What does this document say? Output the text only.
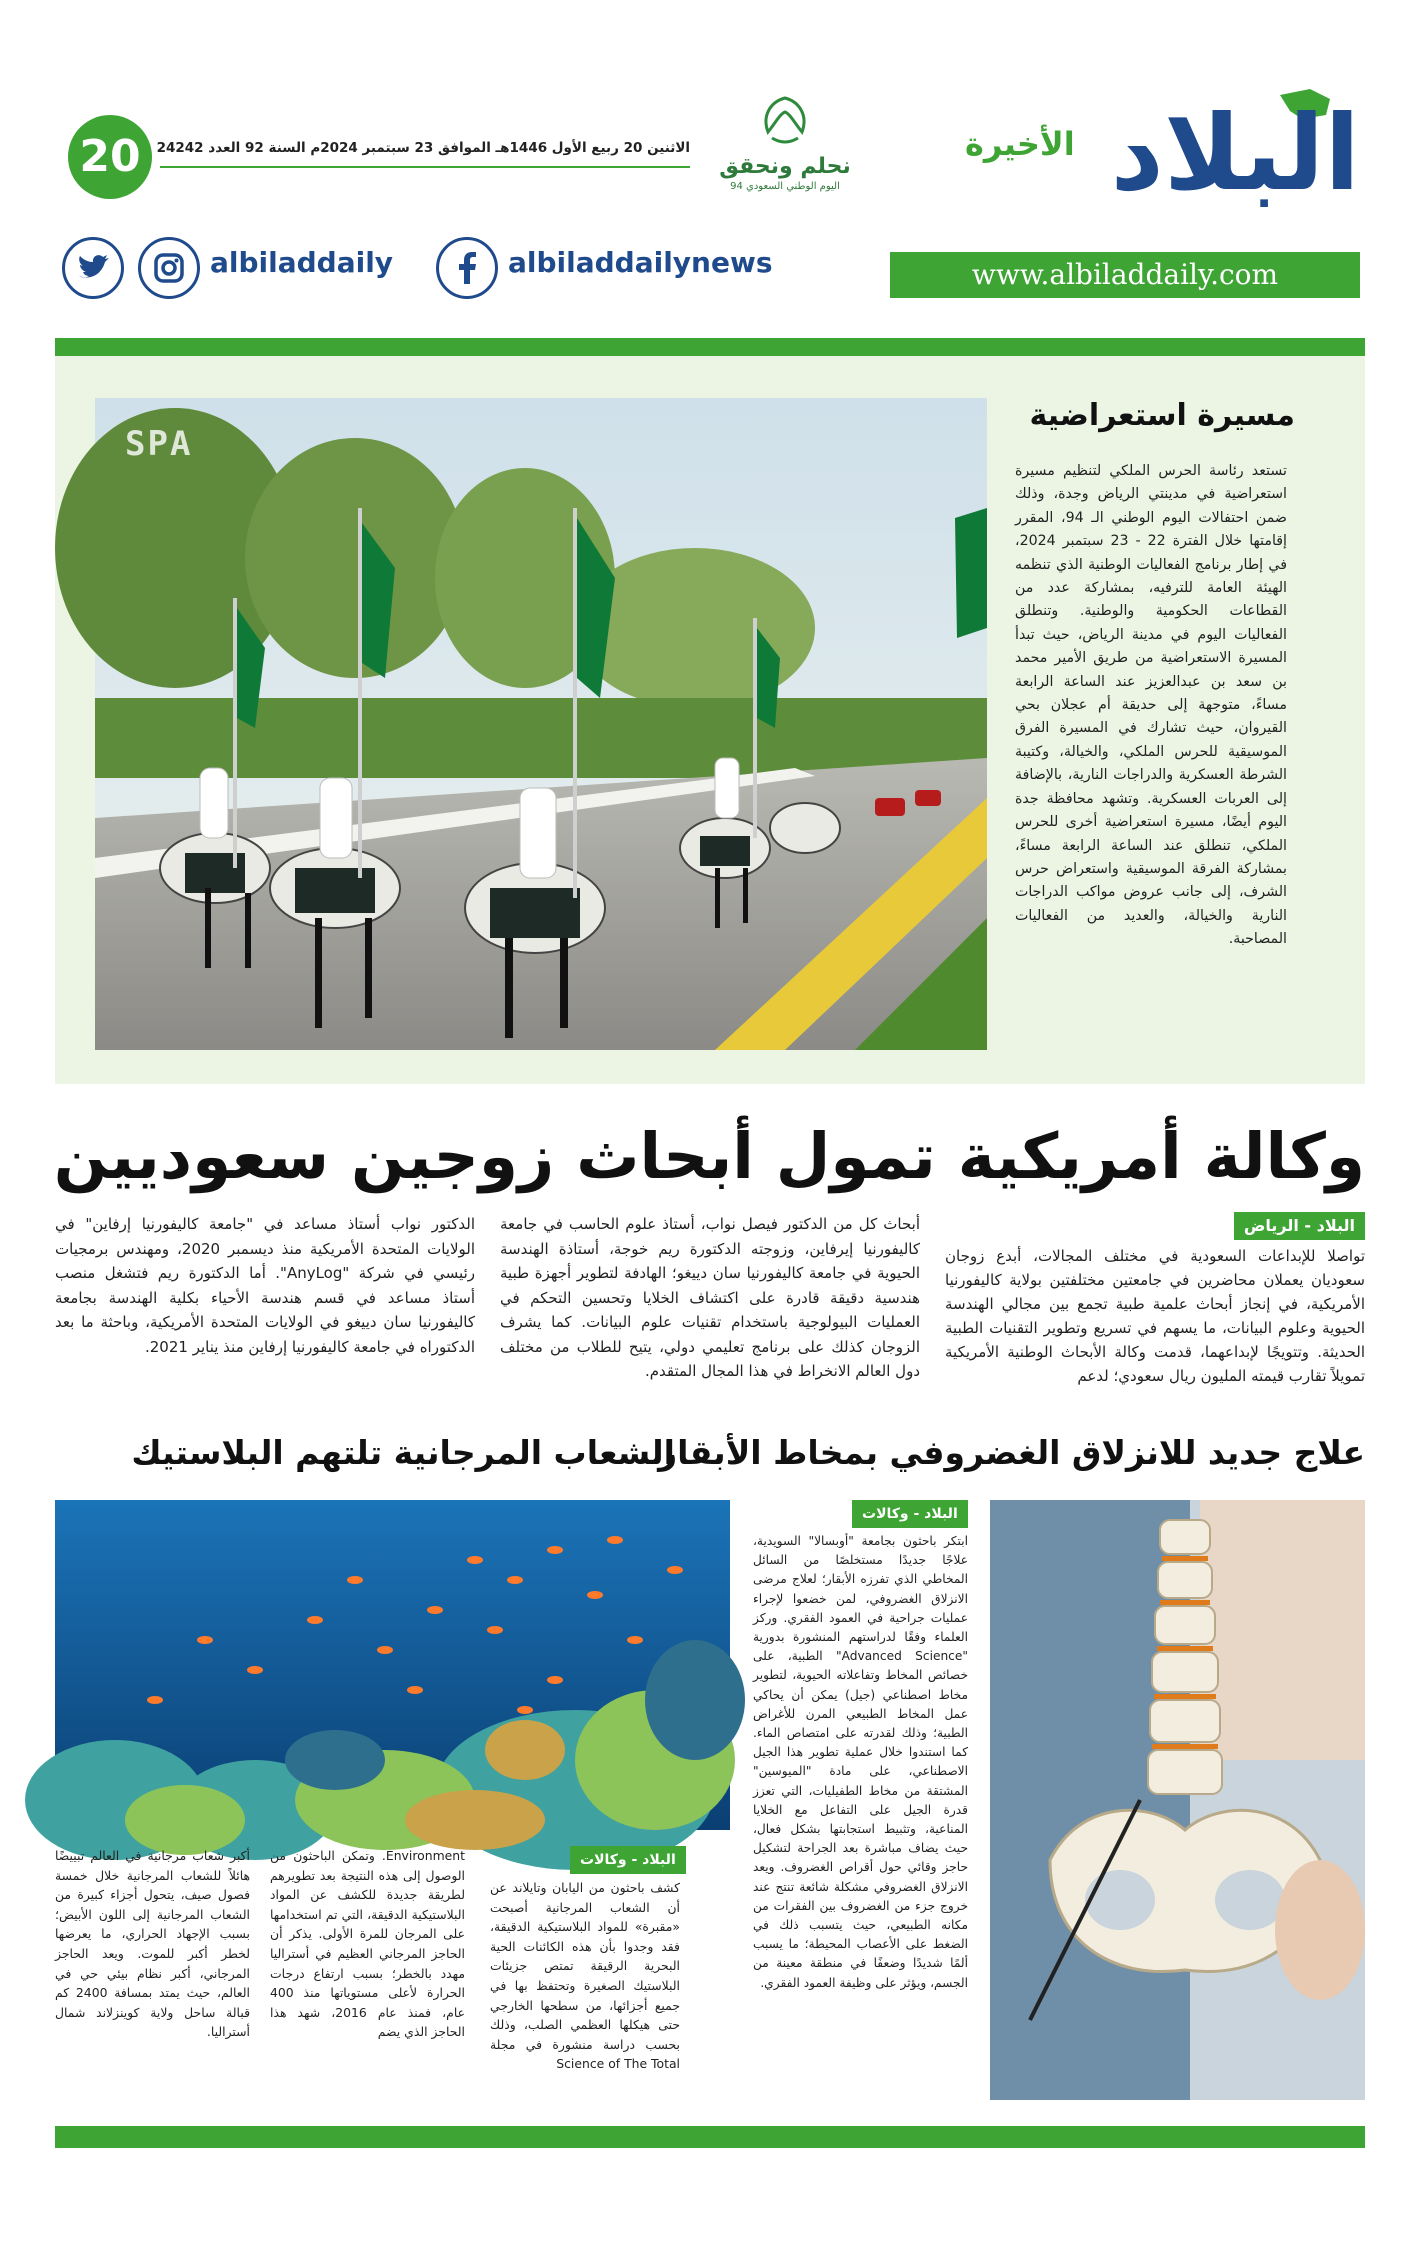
البلاد
الأخيرة
نحلم ونحقق
اليوم الوطني السعودي 94
20	الاثنين 20 ربيع الأول 1446هـ الموافق 23 سبتمبر 2024م السنة 92 العدد 24242
www.albiladdaily.com
albiladdaily	albiladdailynews
SPA
مسيرة استعراضية
تستعد رئاسة الحرس الملكي لتنظيم مسيرة استعراضية في مدينتي الرياض وجدة، وذلك ضمن احتفالات اليوم الوطني الـ 94، المقرر إقامتها خلال الفترة 22 - 23 سبتمبر 2024، في إطار برنامج الفعاليات الوطنية الذي تنظمه الهيئة العامة للترفيه، بمشاركة عدد من القطاعات الحكومية والوطنية. وتنطلق الفعاليات اليوم في مدينة الرياض، حيث تبدأ المسيرة الاستعراضية من طريق الأمير محمد بن سعد بن عبدالعزيز عند الساعة الرابعة مساءً، متوجهة إلى حديقة أم عجلان بحي القيروان، حيث تشارك في المسيرة الفرق الموسيقية للحرس الملكي، والخيالة، وكتيبة الشرطة العسكرية والدراجات النارية، بالإضافة إلى العربات العسكرية. وتشهد محافظة جدة اليوم أيضًا، مسيرة استعراضية أخرى للحرس الملكي، تنطلق عند الساعة الرابعة مساءً، بمشاركة الفرقة الموسيقية واستعراض حرس الشرف، إلى جانب عروض مواكب الدراجات النارية والخيالة، والعديد من الفعاليات المصاحبة.
وكالة أمريكية تمول أبحاث زوجين سعوديين
البلاد - الرياض
تواصلا للإبداعات السعودية في مختلف المجالات، أبدع زوجان سعوديان يعملان محاضرين في جامعتين مختلفتين بولاية كاليفورنيا الأمريكية، في إنجاز أبحاث علمية طبية تجمع بين مجالي الهندسة الحيوية وعلوم البيانات، ما يسهم في تسريع وتطوير التقنيات الطبية الحديثة. وتتويجًا لإبداعهما، قدمت وكالة الأبحاث الوطنية الأمريكية تمويلاً تقارب قيمته المليون ريال سعودي؛ لدعم
أبحاث كل من الدكتور فيصل نواب، أستاذ علوم الحاسب في جامعة كاليفورنيا إيرفاين، وزوجته الدكتورة ريم خوجة، أستاذة الهندسة الحيوية في جامعة كاليفورنيا سان دييغو؛ الهادفة لتطوير أجهزة طبية هندسية دقيقة قادرة على اكتشاف الخلايا وتحسين التحكم في العمليات البيولوجية باستخدام تقنيات علوم البيانات. كما يشرف الزوجان كذلك على برنامج تعليمي دولي، يتيح للطلاب من مختلف دول العالم الانخراط في هذا المجال المتقدم.
الدكتور نواب أستاذ مساعد في "جامعة كاليفورنيا إرفاين" في الولايات المتحدة الأمريكية منذ ديسمبر 2020، ومهندس برمجيات رئيسي في شركة "AnyLog". أما الدكتورة ريم فتشغل منصب أستاذ مساعد في قسم هندسة الأحياء بكلية الهندسة بجامعة كاليفورنيا سان دييغو في الولايات المتحدة الأمريكية، وباحثة ما بعد الدكتوراه في جامعة كاليفورنيا إرفاين منذ يناير 2021.
علاج جديد للانزلاق الغضروفي بمخاط الأبقار
البلاد - وكالات
ابتكر باحثون بجامعة "أوبسالا" السويدية، علاجًا جديدًا مستخلصًا من السائل المخاطي الذي تفرزه الأبقار؛ لعلاج مرضى الانزلاق الغضروفي، لمن خضعوا لإجراء عمليات جراحية في العمود الفقري. وركز العلماء وفقًا لدراستهم المنشورة بدورية "Advanced Science" الطبية، على خصائص المخاط وتفاعلاته الحيوية، لتطوير مخاط اصطناعي (جيل) يمكن أن يحاكي عمل المخاط الطبيعي المرن للأغراض الطبية؛ وذلك لقدرته على امتصاص الماء. كما استندوا خلال عملية تطوير هذا الجيل الاصطناعي، على مادة "الميوسين" المشتقة من مخاط الطفيليات، التي تعزز قدرة الجيل على التفاعل مع الخلايا المناعية، وتثبيط استجابتها بشكل فعال، حيث يضاف مباشرة بعد الجراحة لتشكيل حاجز وقائي حول أقراص الغضروف. ويعد الانزلاق الغضروفي مشكلة شائعة تنتج عند خروج جزء من الغضروف بين الفقرات من مكانه الطبيعي، حيث يتسبب ذلك في الضغط على الأعصاب المحيطة؛ ما يسبب ألمًا شديدًا وضعفًا في منطقة معينة من الجسم، ويؤثر على وظيفة العمود الفقري.
الشعاب المرجانية تلتهم البلاستيك
البلاد - وكالات
كشف باحثون من اليابان وتايلاند عن أن الشعاب المرجانية أصبحت «مقبرة» للمواد البلاستيكية الدقيقة، فقد وجدوا بأن هذه الكائنات الحية البحرية الرقيقة تمتص جزيئات البلاستيك الصغيرة وتحتفظ بها في جميع أجزائها، من سطحها الخارجي حتى هيكلها العظمي الصلب، وذلك بحسب دراسة منشورة في مجلة Science of The Total
Environment. وتمكن الباحثون من الوصول إلى هذه النتيجة بعد تطويرهم لطريقة جديدة للكشف عن المواد البلاستيكية الدقيقة، التي تم استخدامها على المرجان للمرة الأولى. يذكر أن الحاجز المرجاني العظيم في أستراليا مهدد بالخطر؛ بسبب ارتفاع درجات الحرارة لأعلى مستوياتها منذ 400 عام، فمنذ عام 2016، شهد هذا الحاجز الذي يضم
أكبر شعاب مرجانية في العالم تبييضًا هائلاً للشعاب المرجانية خلال خمسة فصول صيف، يتحول أجزاء كبيرة من الشعاب المرجانية إلى اللون الأبيض؛ بسبب الإجهاد الحراري، ما يعرضها لخطر أكبر للموت. ويعد الحاجز المرجاني، أكبر نظام بيئي حي في العالم، حيث يمتد بمسافة 2400 كم قبالة ساحل ولاية كوينزلاند شمال أستراليا.
